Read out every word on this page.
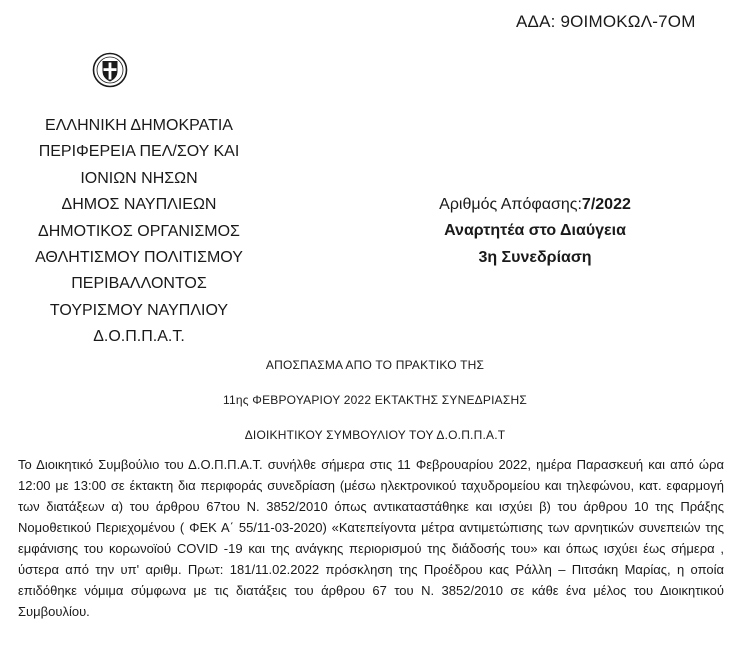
ΑΔΑ: 9ΟΙΜΟΚΩΛ-7ΟΜ
ΕΛΛΗΝΙΚΗ ΔΗΜΟΚΡΑΤΙΑ
ΠΕΡΙΦΕΡΕΙΑ ΠΕΛ/ΣΟΥ ΚΑΙ
ΙΟΝΙΩΝ ΝΗΣΩΝ
ΔΗΜΟΣ ΝΑΥΠΛΙΕΩΝ
ΔΗΜΟΤΙΚΟΣ ΟΡΓΑΝΙΣΜΟΣ
ΑΘΛΗΤΙΣΜΟΥ ΠΟΛΙΤΙΣΜΟΥ
ΠΕΡΙΒΑΛΛΟΝΤΟΣ
ΤΟΥΡΙΣΜΟΥ ΝΑΥΠΛΙΟΥ
Δ.Ο.Π.Π.Α.Τ.
Αριθμός Απόφασης:7/2022
Αναρτητέα στο Διαύγεια
3η Συνεδρίαση
ΑΠΟΣΠΑΣΜΑ ΑΠΟ ΤΟ ΠΡΑΚΤΙΚΟ ΤΗΣ
11ης ΦΕΒΡΟΥΑΡΙΟΥ 2022 ΕΚΤΑΚΤΗΣ ΣΥΝΕΔΡΙΑΣΗΣ
ΔΙΟΙΚΗΤΙΚΟΥ ΣΥΜΒΟΥΛΙΟΥ ΤΟΥ Δ.Ο.Π.Π.Α.Τ

Το Διοικητικό Συμβούλιο του Δ.Ο.Π.Π.Α.Τ. συνήλθε σήμερα στις 11 Φεβρουαρίου 2022, ημέρα Παρασκευή και από ώρα 12:00 με 13:00 σε έκτακτη δια περιφοράς συνεδρίαση (μέσω ηλεκτρονικού ταχυδρομείου και τηλεφώνου, κατ. εφαρμογή των διατάξεων α) του άρθρου 67του Ν. 3852/2010 όπως αντικαταστάθηκε και ισχύει β) του άρθρου 10 της Πράξης Νομοθετικού Περιεχομένου ( ΦΕΚ Α΄ 55/11-03-2020) «Κατεπείγοντα μέτρα αντιμετώπισης των αρνητικών συνεπειών της εμφάνισης του κορωνοϊού COVID -19 και της ανάγκης περιορισμού της διάδοσής του» και όπως ισχύει έως σήμερα , ύστερα από την υπ' αριθμ. Πρωτ: 181/11.02.2022 πρόσκληση της Προέδρου κας Ράλλη – Πιτσάκη Μαρίας, η οποία επιδόθηκε νόμιμα σύμφωνα με τις διατάξεις του άρθρου 67 του Ν. 3852/2010 σε κάθε ένα μέλος του Διοικητικού Συμβουλίου.
